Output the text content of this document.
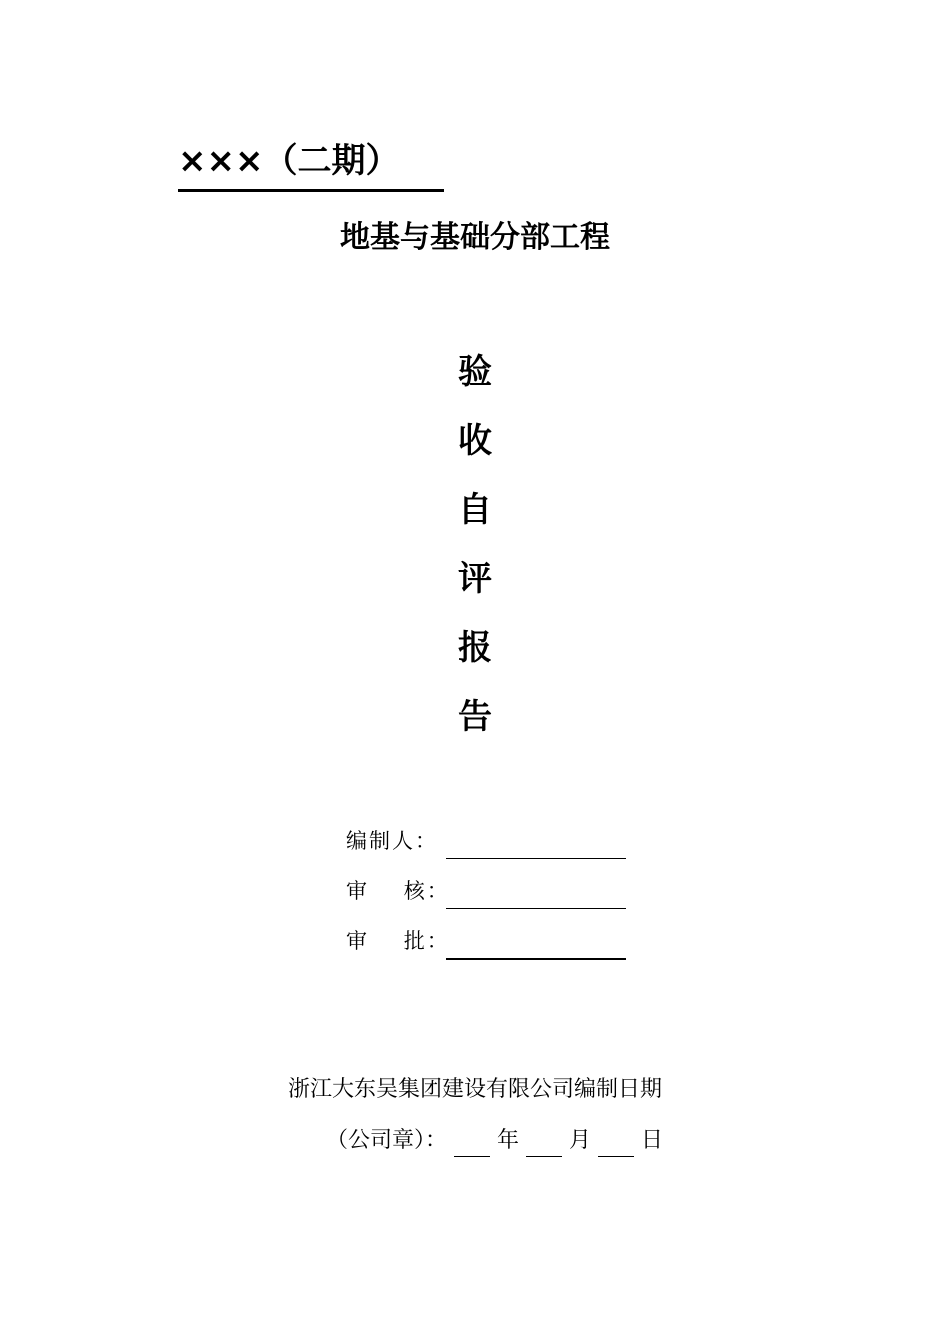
×××（二期）
地基与基础分部工程
验
收
自
评
报
告
编制人：
审    核：
审    批：
浙江大东吴集团建设有限公司编制日期
（公司章）： 年 月 日
